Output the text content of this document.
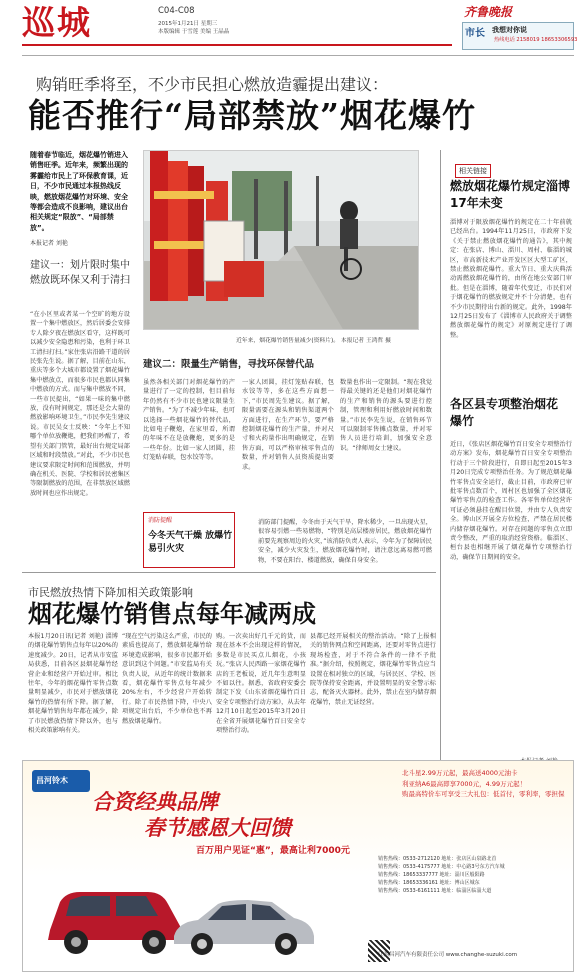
巡城	C04-C08
2015年1月21日 星期三
本版编辑 于雪莲 美编 王晶晶
齐鲁晚报
市长 我想对你说
热线电话 2158019 18653306593
购销旺季将至，不少市民担心燃放造霾提出建议：
能否推行“局部禁放”烟花爆竹
随着春节临近，烟花爆竹销进入销售旺季。近年来，频繁出现的雾霾给市民上了环保教育课，近日，不少市民通过本报热线反映，燃放烟花爆竹对环境、安全等都会造成不良影响，建议出台相关规定“限放”、“局部禁放”。
本报记者 刘艳
建议一：划片限时集中燃放既环保又利于清扫
“在小区里或者某一个空旷的地方设置一个集中燃放区，然后居委会安排专人除夕夜在燃放区看守，这样既可以减少安全隐患和污染，也利于环卫工清扫打扫。”家住张店沿路干道的居民张先生说。据了解，目前在山东，重庆等多个大城市都设置了烟花爆竹集中燃放点，而很多市民也都认同集中燃放的方式。而与集中燃放不同，一些市民提出，“如果一味的集中燃放，没有时间规定，那还是会大量的燃放影响环境卫生，”市民李先生建议说。市民吴女士反映：“今年上不知哪个单位放鞭炮，把我们吵醒了，希望有关部门管管，最好出台规定局部区域和时段禁放。”对此，不少市民也建议要求限定时间和范围燃放，并明确在机关、医院、学校和居民密集区等限制燃放的范围，在非禁放区域燃放时间也应作出规定。
近年来，烟花爆竹销售量减少(资料片)。 本报记者 王鸿哲 摄
建议二：限量生产销售，寻找环保替代品
虽然各相关部门对烟花爆竹的产量进行了一定的控制，但目前每年仍然有不少市民也建议限量生产销售。“为了不减少年味，也可以选择一些烟花爆竹的替代品，比如电子鞭炮，在家里看，所谓的年味不在是放鞭炮，更多的是一些年份。比如一家人团圆，挂灯笼贴春联，包水饺等等。
一家人团圆，挂灯笼贴春联，包水饺等等，多在这些方面想一下，”市民周先生建议。据了解，限量需要在源头和销售渠道两个方面进行，在生产环节，要严格控制烟花爆竹的生产量，并对尺寸和火药量作出明确规定，在销售方面，可以严格审核零售点的数量，并对销售人员资质提出要求。
数量也作出一定限制。“现在我觉得最关键的还是他们对烟花爆竹的生产和销售的源头要进行控制，管理和利用好燃放时间和数量。”市民李先生说，在销售环节可以限制零售摊点数量，并对零售人员进行培训，加强安全意识。“律师周女士建议。
消防提醒
今冬天气干燥 放爆竹易引火灾
消防部门提醒，今冬由于天气干旱，降水稀少，一旦出现火星，很容易引燃一些易燃物，“特别是高层楼房居民，燃放烟花爆竹前要先观察周边的火灾，”该消防负责人表示，今年为了保障居民安全，减少火灾发生，燃放烟花爆竹时，请注意远离易燃可燃物，不要在阳台、楼道燃放，确保自身安全。
相关链接
燃放烟花爆竹规定淄博17年未变
淄博对于限放烟花爆竹的规定在二十年前就已经出台。1994年11月25日，市政府下发《关于禁止燃放烟花爆竹的通告》，其中规定：在张店、博山、淄川、周村、临淄的城区，市高新技术产业开发区区大型工矿区，禁止燃放烟花爆竹。重大节日、重大庆典活动需燃放烟花爆竹的，由所在地公安部门审批。但是在淄博，随着年代变迁，市民们对于烟花爆竹的燃放规定并不十分清楚，也有不少市民期待出台新的规定。此外，1998年12月25日发布了《淄博市人民政府关于调整燃放烟花爆竹的规定》对原规定进行了调整。
各区县专项整治烟花爆竹
近日，《张店区烟花爆竹百日安全专项整治行动方案》发布，烟花爆竹百日安全专项整治行动于三个阶段进行，自即日起至2015年3月20日完成专项整治任务。为了规范烟花爆竹零售点安全运行，截止目前，市政府已审批零售点数百个，周村区也加强了全区烟花爆竹零售点的检查工作。各零售单位经营许可证必须悬挂在醒目位置，并由专人负责安全。博山区开展全方位检查，严禁在居民楼内储存烟花爆竹。对存在问题的零售点立即责令整改，严重的取消经营资格。临淄区、桓台县也相继开展了烟花爆竹专项整治行动，确保节日期间的安全。
市民燃放热情下降加相关政策影响
烟花爆竹销售点每年减两成
本报1月20日讯(记者 刘艳) 淄博的烟花爆竹销售点每年以20%的速度减少。20日，记者从市安监局获悉，目前各区县烟花爆竹经营企业和经营户开始过审。相比往年，今年的烟花爆竹零售点数量明显减少，市民对于燃放烟花爆竹的热情有所下降。据了解，烟花爆竹销售每年都在减少，除了市民燃放热情下降以外，也与相关政策影响有关。
“现在空气污染这么严重，市民的素质也提高了，燃放烟花爆竹给环境造成影响，很多市民都开始意识到这个问题。”市安监局有关负责人说，从近年的统计数据来看，烟花爆竹零售点每年减少20%左右，不少经营户开始转行。除了市民热情下降，中央八项规定出台后，不少单位也不再燃放烟花爆竹。
购。一次卖出好几千元的货，而现在基本不会出现这样的情况，多数是市民买点儿烟花，小孩玩。”张店人民西路一家烟花爆竹店的王老板说，近几年生意明显不如以往。据悉，省政府安委会制定下发《山东省烟花爆竹百日安全专项整治行动方案》，从去年12月10日起至2015年3月20日在全省开展烟花爆竹百日安全专项整治行动。
县都已经开展相关的整治活动。“除了上报相关的销售网点和空间距离，还要对零售点进行现场检查，对于不符合条件的一律不予批准。”据介绍，按照规定，烟花爆竹零售点应当设置在相对独立的区域，与居民区、学校、医院等保持安全距离，并设置明显的安全警示标志，配备灭火器材。此外，禁止在室内储存烟花爆竹，禁止无证经营。
昌河铃木
合资经典品牌
春节感恩大回馈
百万用户见证“惠”，最高让利7000元
北斗星2.99万元起，最高送4000元油卡
利亚纳A6最高即享7000元，4.99万元起！
购最高特价车可享受三大礼包：低首付，零利率，零担保
销售热线：0533-2712120 地址：张店区山泉路北首
销售热线：0533-4175777 地址：中心路3号东方汽车城
销售热线：18653337777 地址：淄川区般阳路
销售热线：18653336161 地址：博山区城东
销售热线：0533-6161111 地址：临淄区临淄大道
江西昌河汽车有限责任公司 www.changhe-suzuki.com
